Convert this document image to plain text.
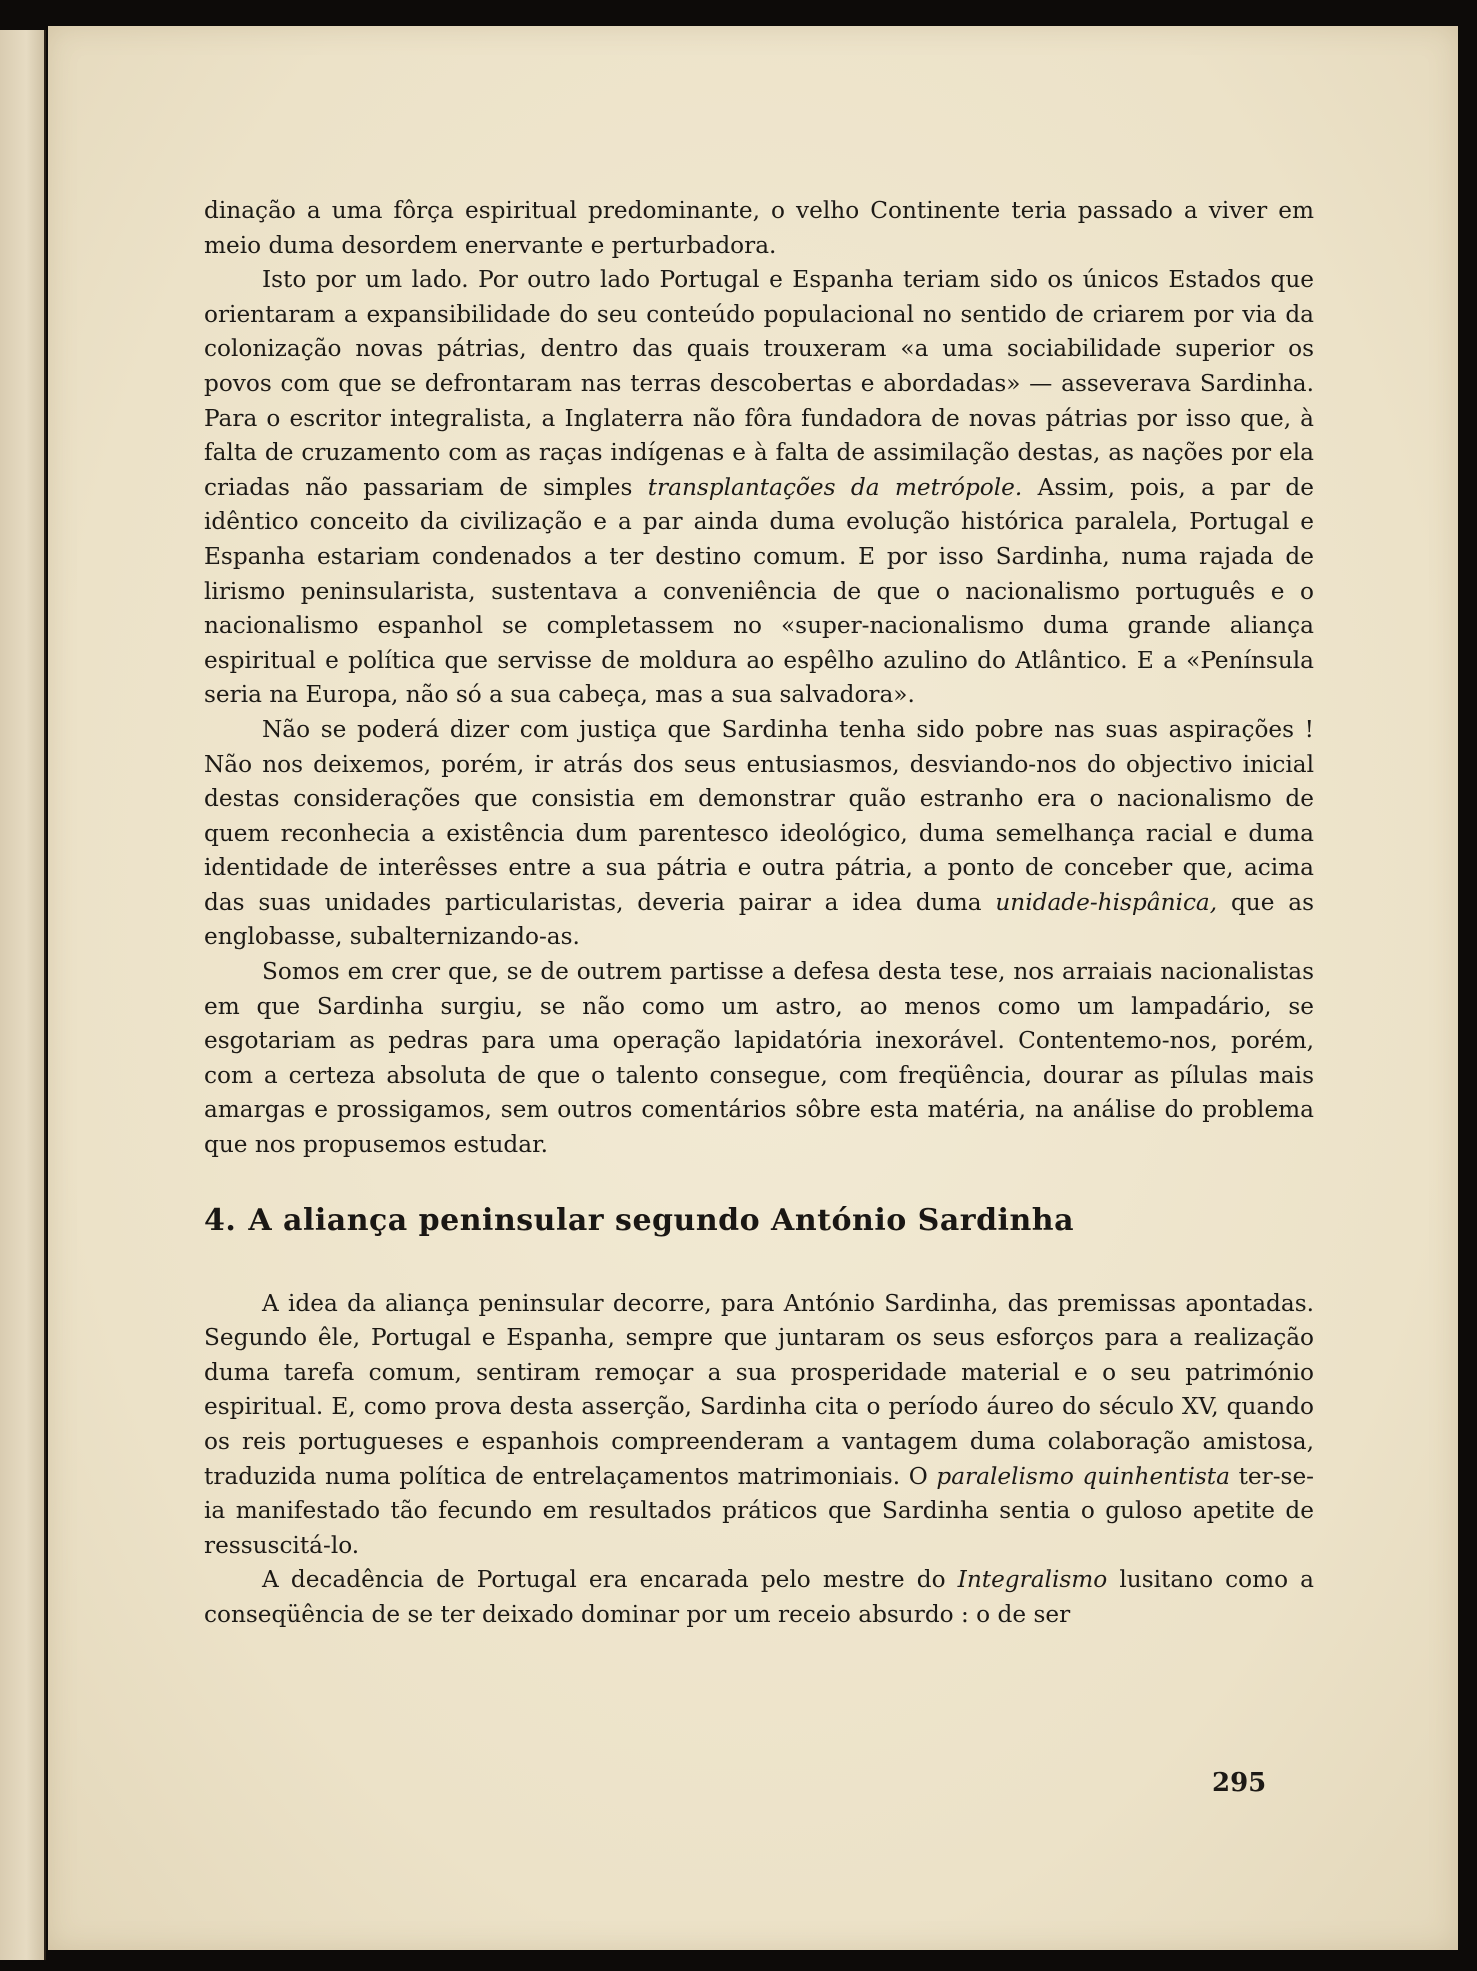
dinação a uma fôrça espiritual predominante, o velho Continente teria passado a viver em meio duma desordem enervante e perturbadora.

Isto por um lado. Por outro lado Portugal e Espanha teriam sido os únicos Estados que orientaram a expansibilidade do seu conteúdo populacional no sentido de criarem por via da colonização novas pátrias, dentro das quais trouxeram «a uma sociabilidade superior os povos com que se defrontaram nas terras descobertas e abordadas» — asseverava Sardinha. Para o escritor integralista, a Inglaterra não fôra fundadora de novas pátrias por isso que, à falta de cruzamento com as raças indígenas e à falta de assimilação destas, as nações por ela criadas não passariam de simples transplantações da metrópole. Assim, pois, a par de idêntico conceito da civilização e a par ainda duma evolução histórica paralela, Portugal e Espanha estariam condenados a ter destino comum. E por isso Sardinha, numa rajada de lirismo peninsularista, sustentava a conveniência de que o nacionalismo português e o nacionalismo espanhol se completassem no «super-nacionalismo duma grande aliança espiritual e política que servisse de moldura ao espêlho azulino do Atlântico. E a «Península seria na Europa, não só a sua cabeça, mas a sua salvadora».

Não se poderá dizer com justiça que Sardinha tenha sido pobre nas suas aspirações ! Não nos deixemos, porém, ir atrás dos seus entusiasmos, desviando-nos do objectivo inicial destas considerações que consistia em demonstrar quão estranho era o nacionalismo de quem reconhecia a existência dum parentesco ideológico, duma semelhança racial e duma identidade de interêsses entre a sua pátria e outra pátria, a ponto de conceber que, acima das suas unidades particularistas, deveria pairar a idea duma unidade-hispânica, que as englobasse, subalternizando-as.

Somos em crer que, se de outrem partisse a defesa desta tese, nos arraiais nacionalistas em que Sardinha surgiu, se não como um astro, ao menos como um lampadário, se esgotariam as pedras para uma operação lapidatória inexorável. Contentemo-nos, porém, com a certeza absoluta de que o talento consegue, com freqüência, dourar as pílulas mais amargas e prossigamos, sem outros comentários sôbre esta matéria, na análise do problema que nos propusemos estudar.

4. A aliança peninsular segundo António Sardinha

A idea da aliança peninsular decorre, para António Sardinha, das premissas apontadas. Segundo êle, Portugal e Espanha, sempre que juntaram os seus esforços para a realização duma tarefa comum, sentiram remoçar a sua prosperidade material e o seu património espiritual. E, como prova desta asserção, Sardinha cita o período áureo do século XV, quando os reis portugueses e espanhois compreenderam a vantagem duma colaboração amistosa, traduzida numa política de entrelaçamentos matrimoniais. O paralelismo quinhentista ter-se-ia manifestado tão fecundo em resultados práticos que Sardinha sentia o guloso apetite de ressuscitá-lo.

A decadência de Portugal era encarada pelo mestre do Integralismo lusitano como a conseqüência de se ter deixado dominar por um receio absurdo : o de ser

295
